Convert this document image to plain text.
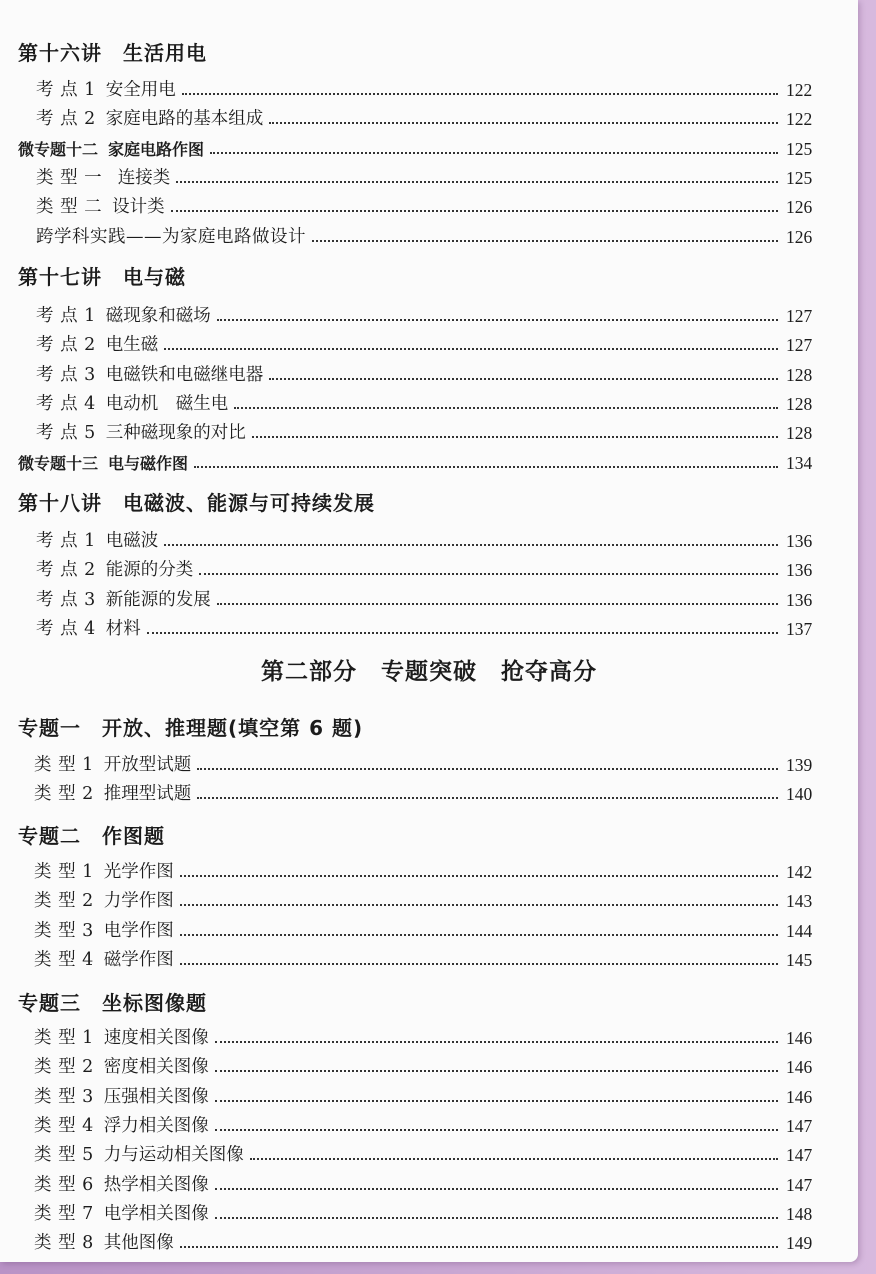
第十六讲　生活用电
考 点 1 安全用电	122
考 点 2 家庭电路的基本组成	122
微专题十二 家庭电路作图	125
类 型 一 连接类	125
类 型 二 设计类	126
跨学科实践——为家庭电路做设计	126
第十七讲　电与磁
考 点 1 磁现象和磁场	127
考 点 2 电生磁	127
考 点 3 电磁铁和电磁继电器	128
考 点 4 电动机　磁生电	128
考 点 5 三种磁现象的对比	128
微专题十三 电与磁作图	134
第十八讲　电磁波、能源与可持续发展
考 点 1 电磁波	136
考 点 2 能源的分类	136
考 点 3 新能源的发展	136
考 点 4 材料	137
第二部分　专题突破　抢夺高分
专题一　开放、推理题(填空第 6 题)
类 型 1 开放型试题	139
类 型 2 推理型试题	140
专题二　作图题
类 型 1 光学作图	142
类 型 2 力学作图	143
类 型 3 电学作图	144
类 型 4 磁学作图	145
专题三　坐标图像题
类 型 1 速度相关图像	146
类 型 2 密度相关图像	146
类 型 3 压强相关图像	146
类 型 4 浮力相关图像	147
类 型 5 力与运动相关图像	147
类 型 6 热学相关图像	147
类 型 7 电学相关图像	148
类 型 8 其他图像	149
